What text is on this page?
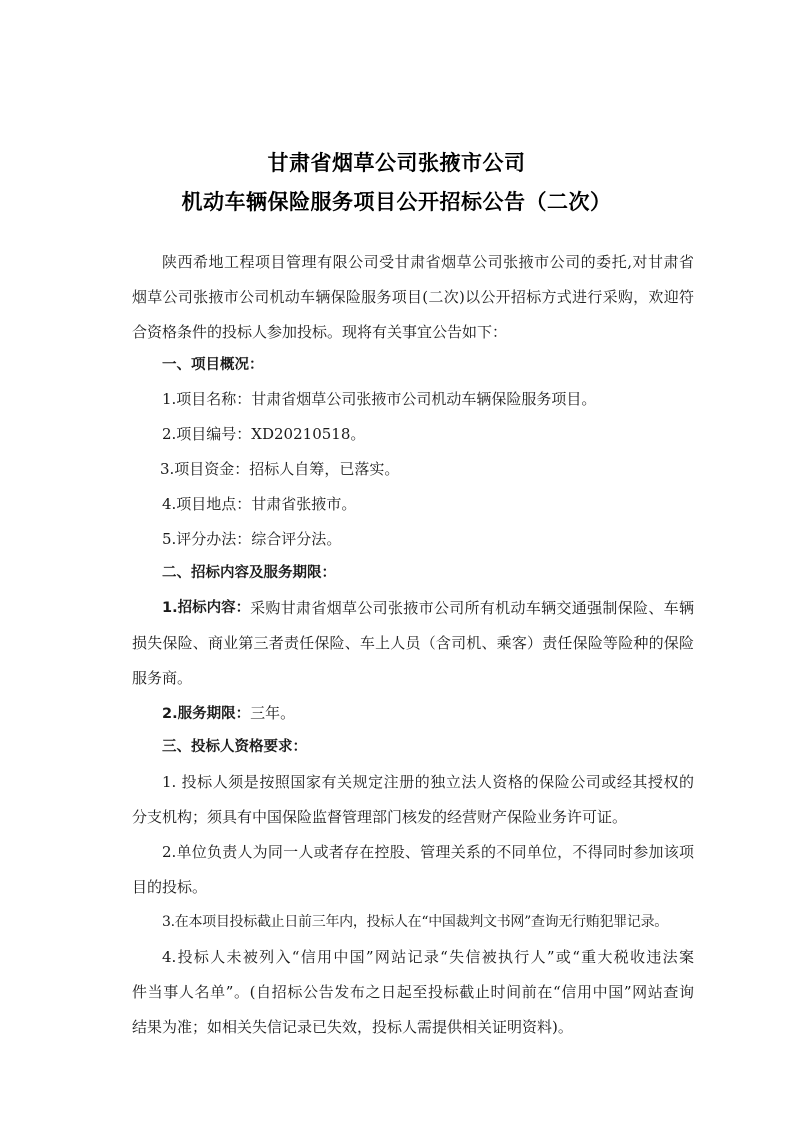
甘肃省烟草公司张掖市公司
机动车辆保险服务项目公开招标公告（二次）
陕西希地工程项目管理有限公司受甘肃省烟草公司张掖市公司的委托,对甘肃省
烟草公司张掖市公司机动车辆保险服务项目(二次)以公开招标方式进行采购，欢迎符
合资格条件的投标人参加投标。现将有关事宜公告如下：
一、项目概况：
1.项目名称：甘肃省烟草公司张掖市公司机动车辆保险服务项目。
2.项目编号：XD20210518。
3.项目资金：招标人自筹，已落实。
4.项目地点：甘肃省张掖市。
5.评分办法：综合评分法。
二、招标内容及服务期限：
1.招标内容： 采购甘肃省烟草公司张掖市公司所有机动车辆交通强制保险、车辆
损失保险、商业第三者责任保险、车上人员（含司机、乘客）责任保险等险种的保险
服务商。
2.服务期限：三年。
三、投标人资格要求：
1. 投标人须是按照国家有关规定注册的独立法人资格的保险公司或经其授权的
分支机构；须具有中国保险监督管理部门核发的经营财产保险业务许可证。
2.单位负责人为同一人或者存在控股、管理关系的不同单位，不得同时参加该项
目的投标。
3.在本项目投标截止日前三年内，投标人在“中国裁判文书网”查询无行贿犯罪记录。
4.投标人未被列入“信用中国”网站记录“失信被执行人”或“重大税收违法案
件当事人名单”。(自招标公告发布之日起至投标截止时间前在“信用中国”网站查询
结果为准；如相关失信记录已失效，投标人需提供相关证明资料)。
